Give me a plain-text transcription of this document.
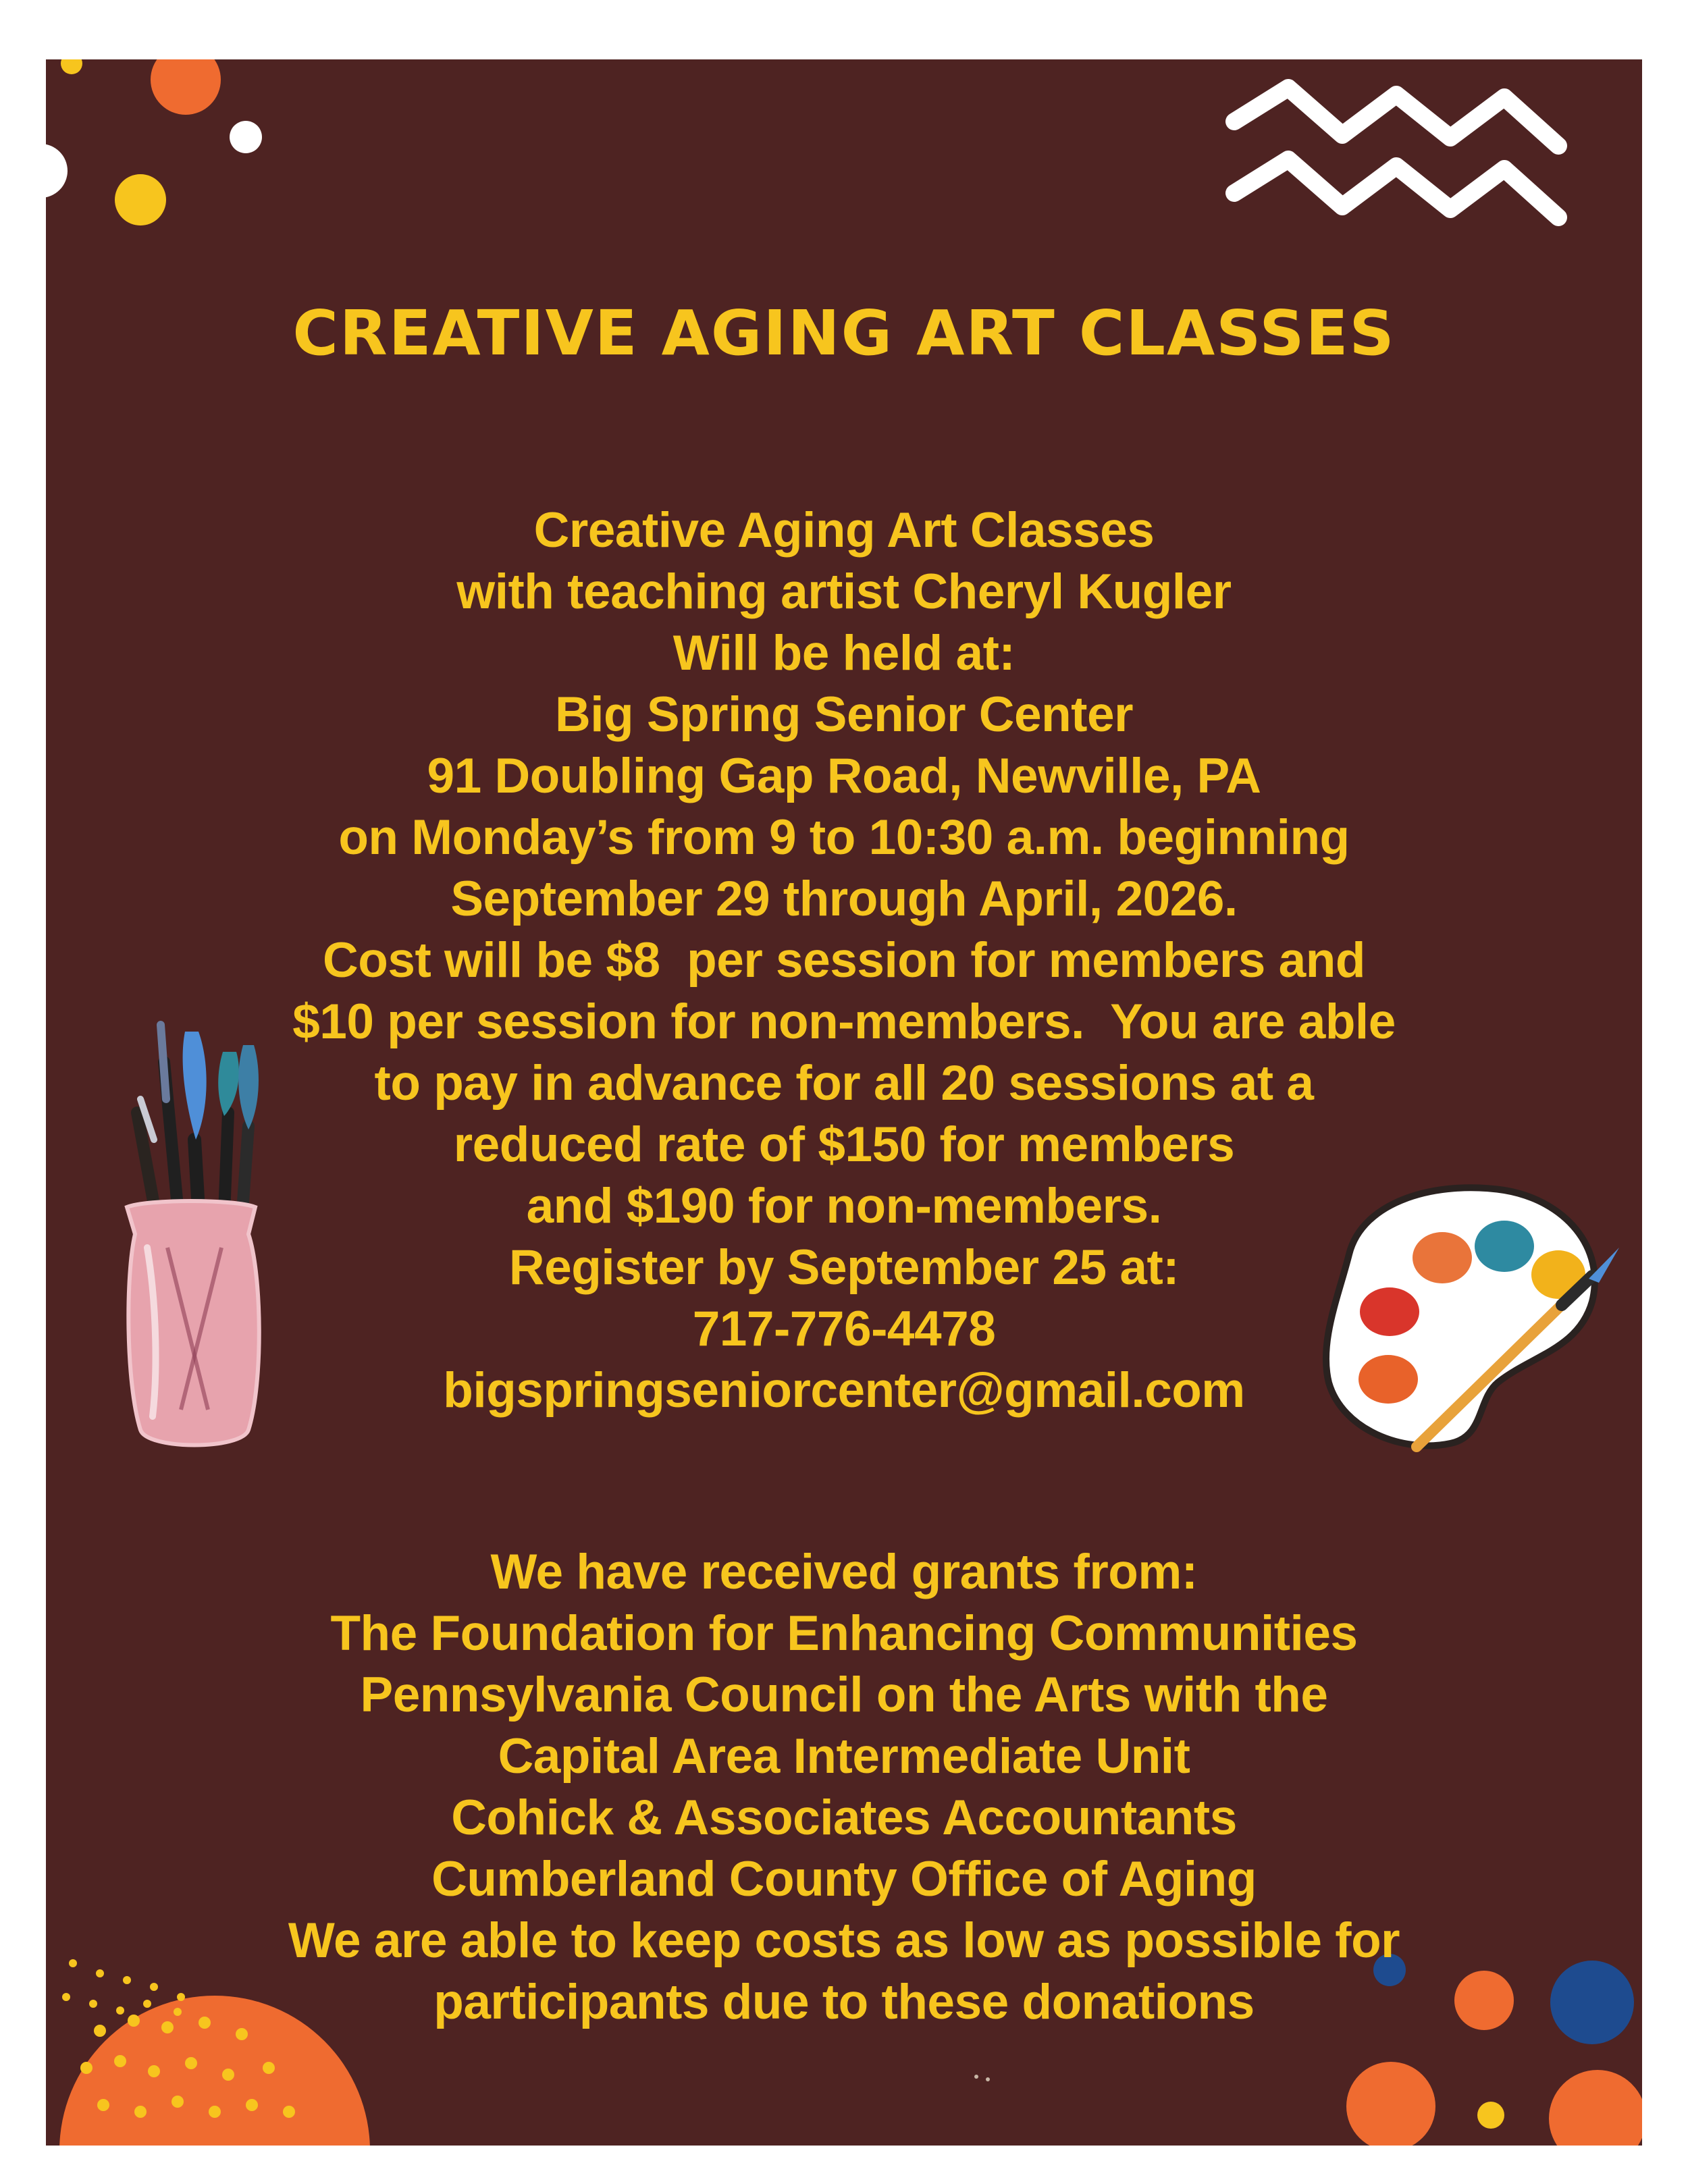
CREATIVE AGING ART CLASSES
Creative Aging Art Classes
with teaching artist Cheryl Kugler
Will be held at:
Big Spring Senior Center
91 Doubling Gap Road, Newville, PA
on Monday’s from 9 to 10:30 a.m. beginning
September 29 through April, 2026.
Cost will be $8  per session for members and
$10 per session for non-members.  You are able
to pay in advance for all 20 sessions at a
reduced rate of $150 for members
and $190 for non-members.
Register by September 25 at:
717-776-4478
bigspringseniorcenter@gmail.com
We have received grants from:
The Foundation for Enhancing Communities
Pennsylvania Council on the Arts with the
Capital Area Intermediate Unit
Cohick & Associates Accountants
Cumberland County Office of Aging
We are able to keep costs as low as possible for
participants due to these donations
